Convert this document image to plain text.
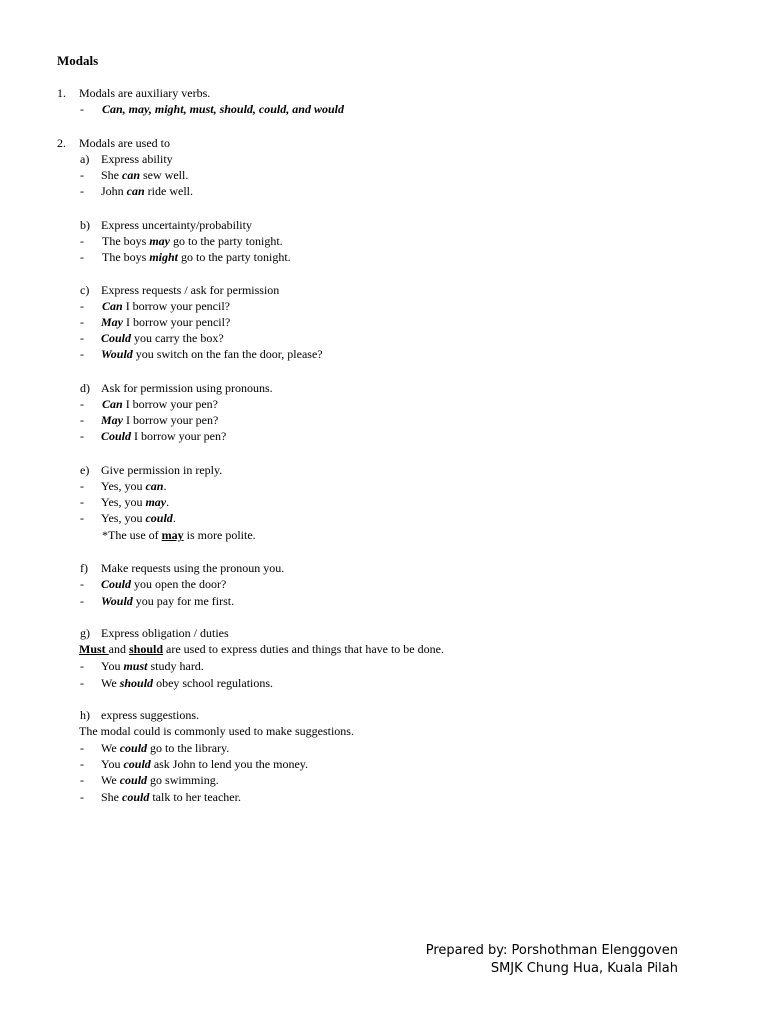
Modals
1. Modals are auxiliary verbs.
- Can, may, might, must, should, could, and would
2. Modals are used to
a) Express ability
- She can sew well.
- John can ride well.
b) Express uncertainty/probability
- The boys may go to the party tonight.
- The boys might go to the party tonight.
c) Express requests / ask for permission
- Can I borrow your pencil?
- May I borrow your pencil?
- Could you carry the box?
- Would you switch on the fan the door, please?
d) Ask for permission using pronouns.
- Can I borrow your pen?
- May I borrow your pen?
- Could I borrow your pen?
e) Give permission in reply.
- Yes, you can.
- Yes, you may.
- Yes, you could.
*The use of may is more polite.
f) Make requests using the pronoun you.
- Could you open the door?
- Would you pay for me first.
g) Express obligation / duties
Must and should are used to express duties and things that have to be done.
- You must study hard.
- We should obey school regulations.
h) express suggestions.
The modal could is commonly used to make suggestions.
- We could go to the library.
- You could ask John to lend you the money.
- We could go swimming.
- She could talk to her teacher.
Prepared by: Porshothman Elenggoven
SMJK Chung Hua, Kuala Pilah
